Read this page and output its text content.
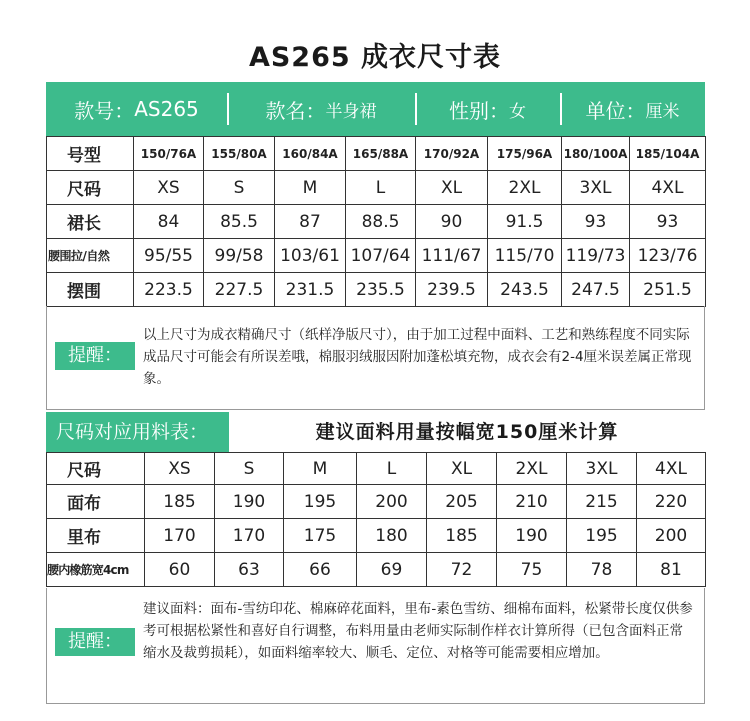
AS265 成衣尺寸表
款号： AS265	款名： 半身裙	性别： 女	单位： 厘米
号型	150/76A	155/80A	160/84A	165/88A	170/92A	175/96A	180/100A	185/104A
尺码	XS	S	M	L	XL	2XL	3XL	4XL
裙长	84	85.5	87	88.5	90	91.5	93	93
腰围拉/自然	95/55	99/58	103/61	107/64	111/67	115/70	119/73	123/76
摆围	223.5	227.5	231.5	235.5	239.5	243.5	247.5	251.5
提醒：
以上尺寸为成衣精确尺寸（纸样净版尺寸），由于加工过程中面料、工艺和熟练程度不同实际成品尺寸可能会有所误差哦，棉服羽绒服因附加蓬松填充物，成衣会有2-4厘米误差属正常现象。
尺码对应用料表：	建议面料用量按幅宽150厘米计算
尺码	XS	S	M	L	XL	2XL	3XL	4XL
面布	185	190	195	200	205	210	215	220
里布	170	170	175	180	185	190	195	200
腰内橡筋宽4cm	60	63	66	69	72	75	78	81
提醒：
建议面料：面布-雪纺印花、棉麻碎花面料，里布-素色雪纺、细棉布面料，松紧带长度仅供参考可根据松紧性和喜好自行调整，布料用量由老师实际制作样衣计算所得（已包含面料正常缩水及裁剪损耗），如面料缩率较大、顺毛、定位、对格等可能需要相应增加。
